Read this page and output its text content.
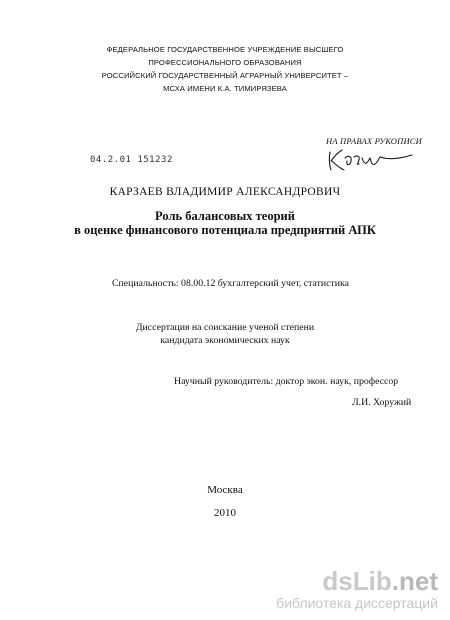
ФЕДЕРАЛЬНОЕ ГОСУДАРСТВЕННОЕ УЧРЕЖДЕНИЕ ВЫСШЕГО
ПРОФЕССИОНАЛЬНОГО ОБРАЗОВАНИЯ
РОССИЙСКИЙ ГОСУДАРСТВЕННЫЙ АГРАРНЫЙ УНИВЕРСИТЕТ –
МСХА ИМЕНИ К.А. ТИМИРЯЗЕВА
НА ПРАВАХ РУКОПИСИ
04.2.01 151232
КАРЗАЕВ ВЛАДИМИР АЛЕКСАНДРОВИЧ
Роль балансовых теорий
в оценке финансового потенциала предприятий АПК
Специальность: 08.00.12 бухгалтерский учет, статистика
Диссертация на соискание ученой степени
кандидата экономических наук
Научный руководитель: доктор экон. наук, профессор
Л.И. Хоружий
Москва
2010
dsLib.net
библиотека диссертаций
